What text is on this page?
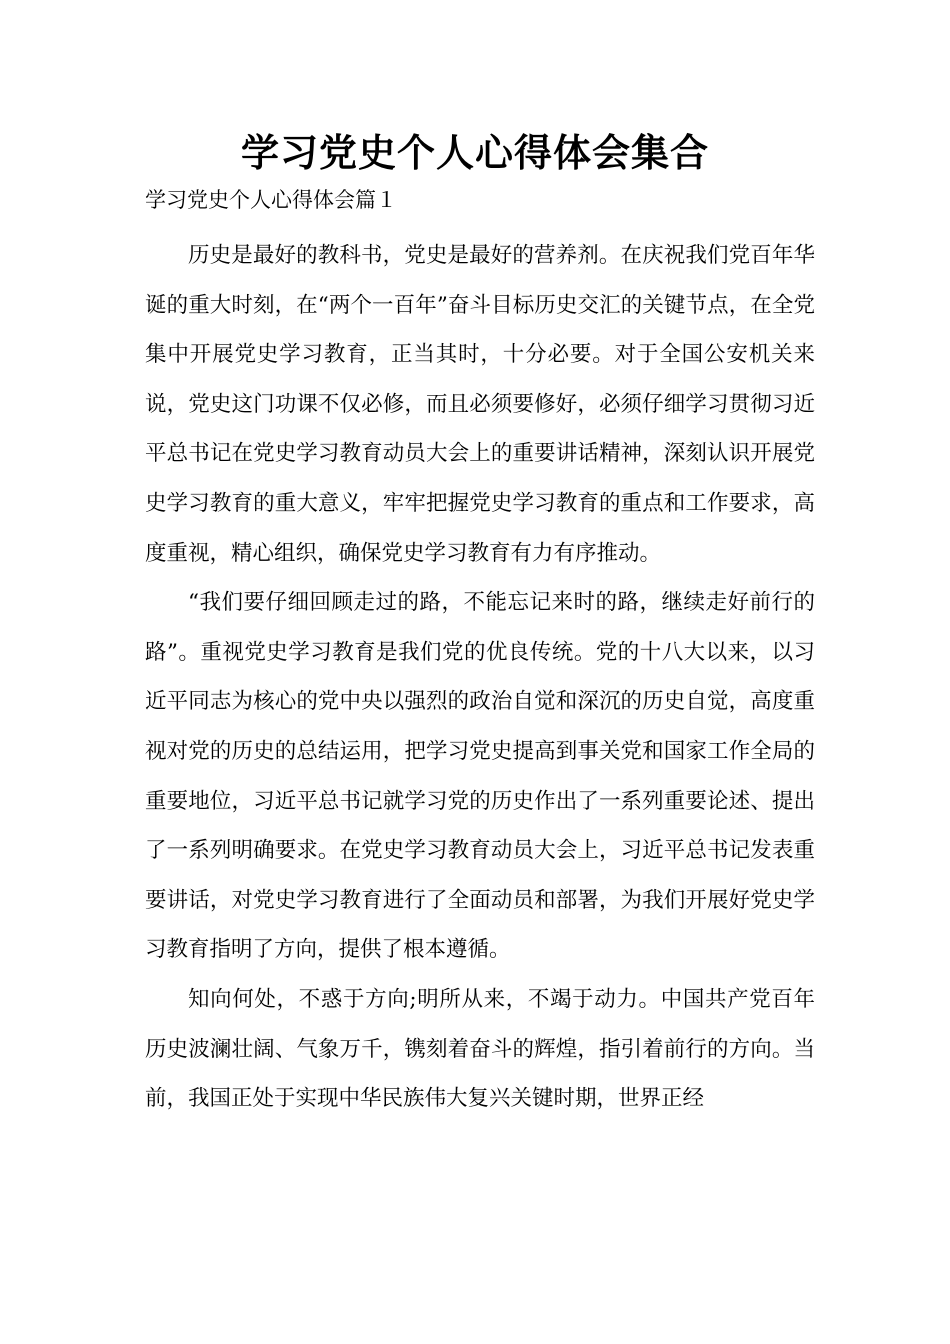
学习党史个人心得体会集合

学习党史个人心得体会篇１

历史是最好的教科书，党史是最好的营养剂。在庆祝我们党百年华诞的重大时刻，在“两个一百年”奋斗目标历史交汇的关键节点，在全党集中开展党史学习教育，正当其时，十分必要。对于全国公安机关来说，党史这门功课不仅必修，而且必须要修好，必须仔细学习贯彻习近平总书记在党史学习教育动员大会上的重要讲话精神，深刻认识开展党史学习教育的重大意义，牢牢把握党史学习教育的重点和工作要求，高度重视，精心组织，确保党史学习教育有力有序推动。

“我们要仔细回顾走过的路，不能忘记来时的路，继续走好前行的路”。重视党史学习教育是我们党的优良传统。党的十八大以来，以习近平同志为核心的党中央以强烈的政治自觉和深沉的历史自觉，高度重视对党的历史的总结运用，把学习党史提高到事关党和国家工作全局的重要地位，习近平总书记就学习党的历史作出了一系列重要论述、提出了一系列明确要求。在党史学习教育动员大会上，习近平总书记发表重要讲话，对党史学习教育进行了全面动员和部署，为我们开展好党史学习教育指明了方向，提供了根本遵循。

知向何处，不惑于方向;明所从来，不竭于动力。中国共产党百年历史波澜壮阔、气象万千，镌刻着奋斗的辉煌，指引着前行的方向。当前，我国正处于实现中华民族伟大复兴关键时期，世界正经
